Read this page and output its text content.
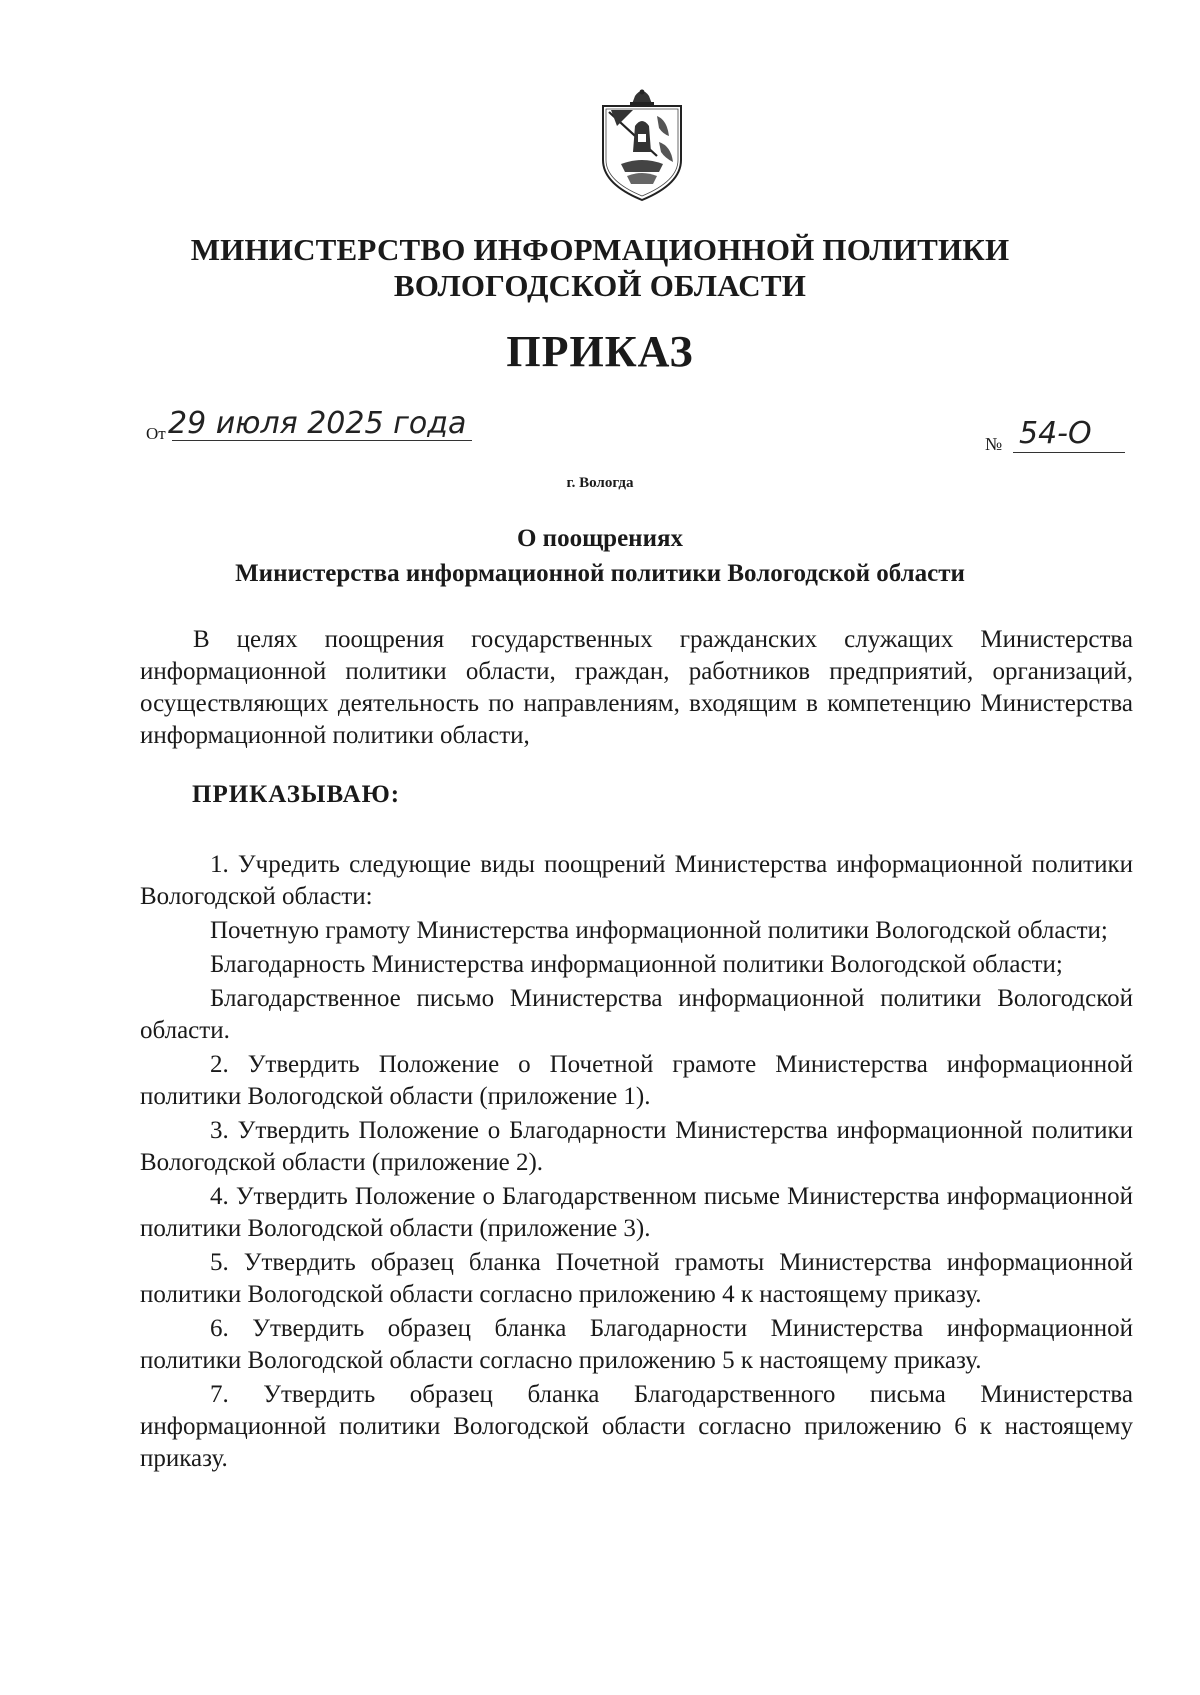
МИНИСТЕРСТВО ИНФОРМАЦИОННОЙ ПОЛИТИКИ
ВОЛОГОДСКОЙ ОБЛАСТИ
ПРИКАЗ
От 29 июля 2025 года
№ 54-О
г. Вологда
О поощрениях
Министерства информационной политики Вологодской области

В целях поощрения государственных гражданских служащих Министерства информационной политики области, граждан, работников предприятий, организаций, осуществляющих деятельность по направлениям, входящим в компетенцию Министерства информационной политики области,

ПРИКАЗЫВАЮ:

1. Учредить следующие виды поощрений Министерства информационной политики Вологодской области:

Почетную грамоту Министерства информационной политики Вологодской области;

Благодарность Министерства информационной политики Вологодской области;

Благодарственное письмо Министерства информационной политики Вологодской области.

2. Утвердить Положение о Почетной грамоте Министерства информационной политики Вологодской области (приложение 1).

3. Утвердить Положение о Благодарности Министерства информационной политики Вологодской области (приложение 2).

4. Утвердить Положение о Благодарственном письме Министерства информационной политики Вологодской области (приложение 3).

5. Утвердить образец бланка Почетной грамоты Министерства информационной политики Вологодской области согласно приложению 4 к настоящему приказу.

6. Утвердить образец бланка Благодарности Министерства информационной политики Вологодской области согласно приложению 5 к настоящему приказу.

7. Утвердить образец бланка Благодарственного письма Министерства информационной политики Вологодской области согласно приложению 6 к настоящему приказу.
